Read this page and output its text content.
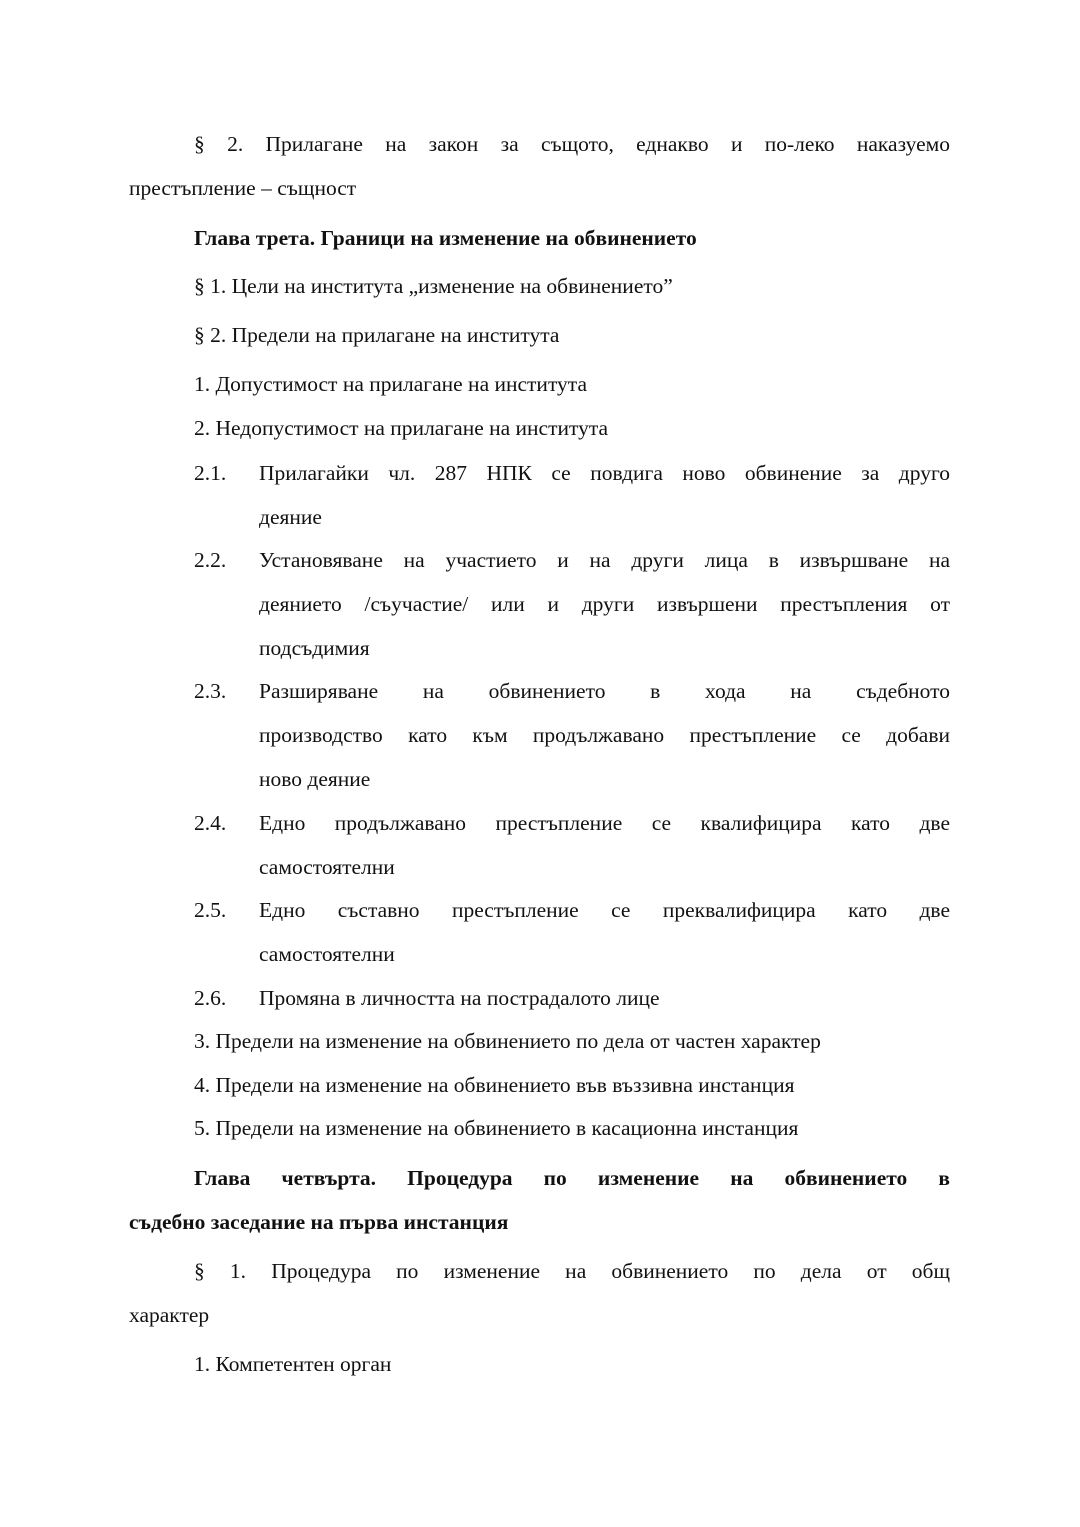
§ 2. Прилагане на закон за същото, еднакво и по-леко наказуемо
престъпление – същност
Глава трета. Граници на изменение на обвинението
§ 1. Цели на института „изменение на обвинението”
§ 2. Предели на прилагане на института
1. Допустимост на прилагане на института
2. Недопустимост на прилагане на института
2.1. Прилагайки чл. 287 НПК се повдига ново обвинение за друго
деяние
2.2. Установяване на участието и на други лица в извършване на
деянието /съучастие/ или и други извършени престъпления от
подсъдимия
2.3. Разширяване на обвинението в хода на съдебното
производство като към продължавано престъпление се добави
ново деяние
2.4. Едно продължавано престъпление се квалифицира като две
самостоятелни
2.5. Едно съставно престъпление се преквалифицира като две
самостоятелни
2.6. Промяна в личността на пострадалото лице
3. Предели на изменение на обвинението по дела от частен характер
4. Предели на изменение на обвинението във въззивна инстанция
5. Предели на изменение на обвинението в касационна инстанция
Глава четвърта. Процедура по изменение на обвинението в
съдебно заседание на първа инстанция
§ 1. Процедура по изменение на обвинението по дела от общ
характер
1. Компетентен орган
